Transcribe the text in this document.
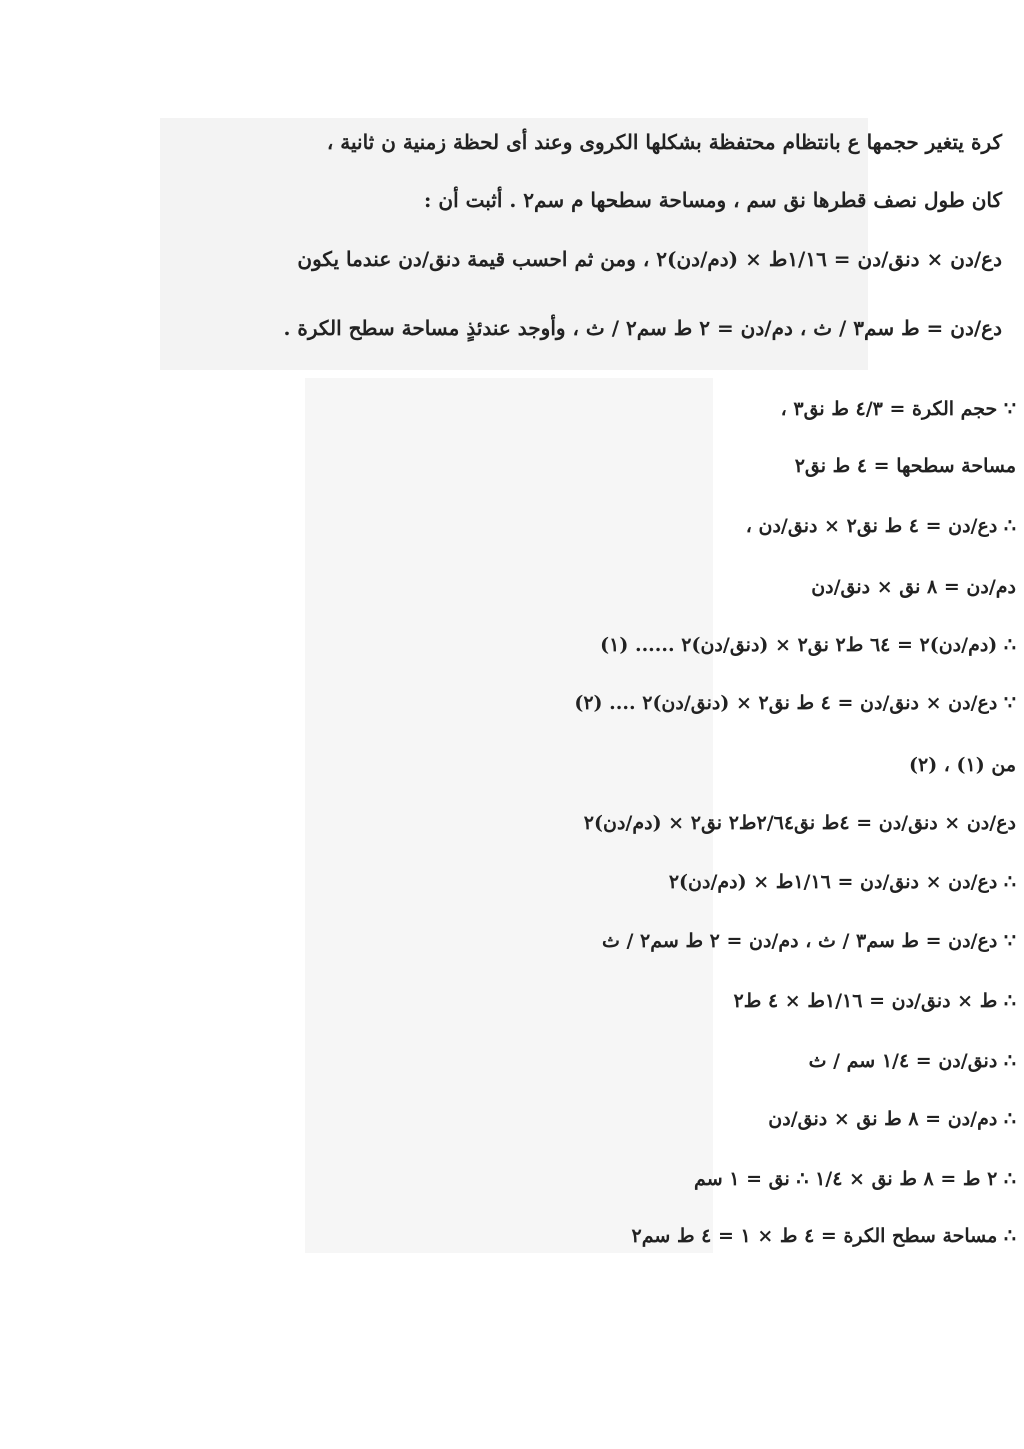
كرة يتغير حجمها ع بانتظام محتفظة بشكلها الكروى وعند أى لحظة زمنية ن ثانية ،
كان طول نصف قطرها نق سم ، ومساحة سطحها م سم٢ . أثبت أن :
دع/دن × دنق/دن = ١/١٦ط × (دم/دن)٢ ، ومن ثم احسب قيمة دنق/دن عندما يكون
دع/دن = ط سم٣ / ث ، دم/دن = ٢ ط سم٢ / ث ، وأوجد عندئذٍ مساحة سطح الكرة .
∵ حجم الكرة = ٤/٣ ط نق٣ ،
مساحة سطحها = ٤ ط نق٢
∴ دع/دن = ٤ ط نق٢ × دنق/دن ،
دم/دن = ٨ نق × دنق/دن
∴ (دم/دن)٢ = ٦٤ ط٢ نق٢ × (دنق/دن)٢ ...... (١)
∵ دع/دن × دنق/دن = ٤ ط نق٢ × (دنق/دن)٢ .... (٢)
من (١) ، (٢)
دع/دن × دنق/دن = ٤ط نق٢/٦٤ط٢ نق٢ × (دم/دن)٢
∴ دع/دن × دنق/دن = ١/١٦ط × (دم/دن)٢
∵ دع/دن = ط سم٣ / ث ، دم/دن = ٢ ط سم٢ / ث
∴ ط × دنق/دن = ١/١٦ط × ٤ ط٢
∴ دنق/دن = ١/٤ سم / ث
∴ دم/دن = ٨ ط نق × دنق/دن
∴ ٢ ط = ٨ ط نق × ١/٤ ∴ نق = ١ سم
∴ مساحة سطح الكرة = ٤ ط × ١ = ٤ ط سم٢
